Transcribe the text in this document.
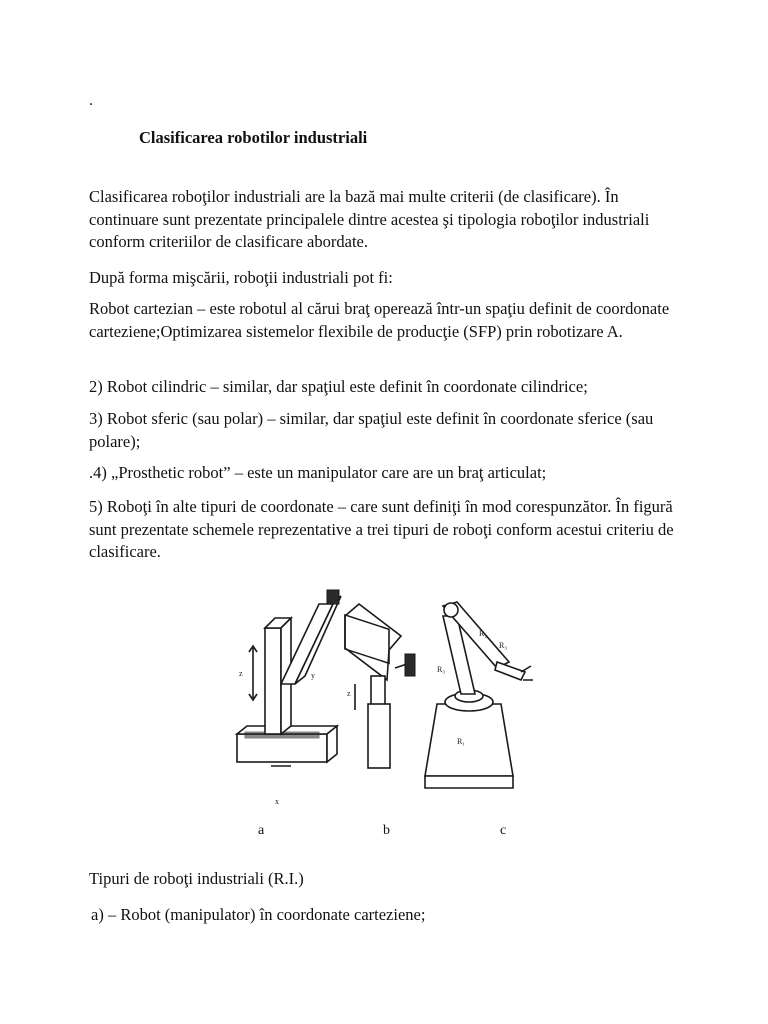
.
Clasificarea robotilor industriali

Clasificarea roboţilor industriali are la bază mai multe criterii (de clasificare). În continuare sunt prezentate principalele dintre acestea şi tipologia roboţilor industriali conform criteriilor de clasificare abordate.

După forma mişcării, roboţii industriali pot fi:

Robot cartezian – este robotul al cărui braţ operează într-un spaţiu definit de coordonate carteziene;Optimizarea sistemelor flexibile de producţie (SFP) prin robotizare A.

2) Robot cilindric – similar, dar spaţiul este definit în coordonate cilindrice;

3) Robot sferic (sau polar) – similar, dar spaţiul este definit în coordonate sferice (sau polare);

.4) „Prosthetic robot” – este un manipulator care are un braţ articulat;

5) Roboţi în alte tipuri de coordonate – care sunt definiţi în mod corespunzător. În figură sunt prezentate schemele reprezentative a trei tipuri de roboţi conform acestui criteriu de clasificare.

z	y
x
z
R₂
R₃
R₃
R₁
a	b	c

Tipuri de roboţi industriali (R.I.)

a) – Robot (manipulator) în coordonate carteziene;
